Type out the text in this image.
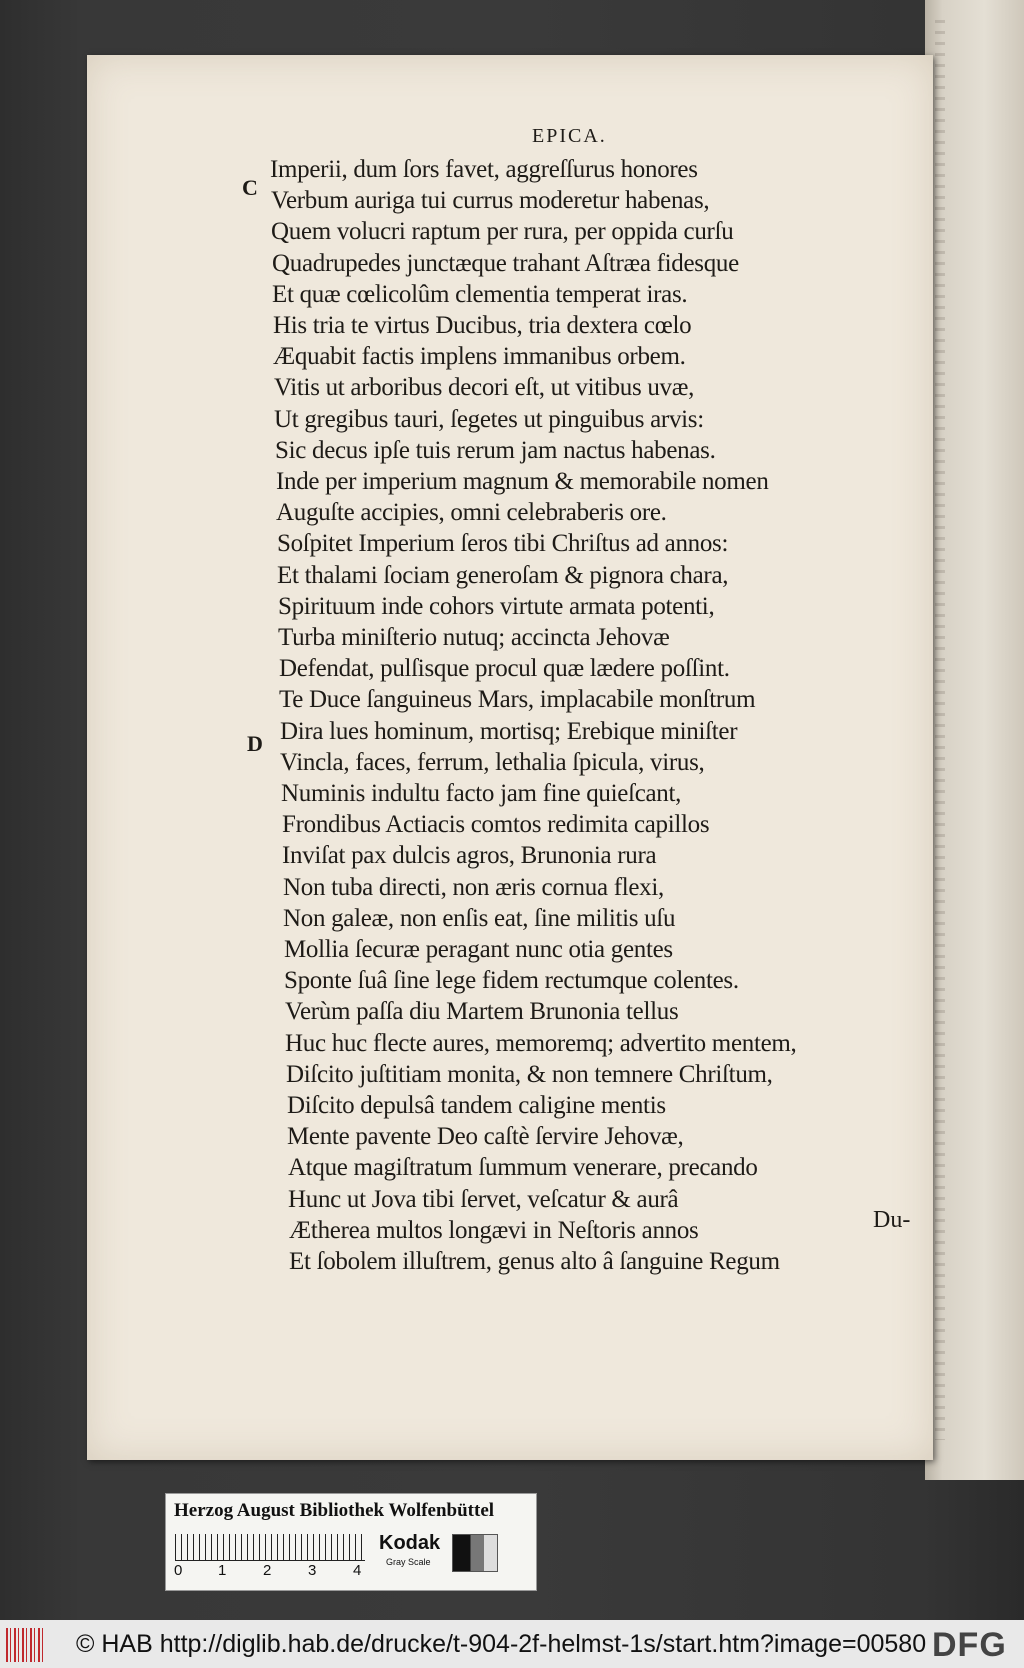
EPICA.
C
D
Imperii, dum ſors favet, aggreſſurus honores
Verbum auriga tui currus moderetur habenas,
Quem volucri raptum per rura, per oppida curſu
Quadrupedes junctæque trahant Aſtræa fidesque
Et quæ cœlicolûm clementia temperat iras.
His tria te virtus Ducibus, tria dextera cœlo
Æquabit factis implens immanibus orbem.
Vitis ut arboribus decori eſt, ut vitibus uvæ,
Ut gregibus tauri, ſegetes ut pinguibus arvis:
Sic decus ipſe tuis rerum jam nactus habenas.
Inde per imperium magnum & memorabile nomen
Auguſte accipies, omni celebraberis ore.
Soſpitet Imperium ſeros tibi Chriſtus ad annos:
Et thalami ſociam generoſam & pignora chara,
Spirituum inde cohors virtute armata potenti,
Turba miniſterio nutuq; accincta Jehovæ
Defendat, pulſisque procul quæ lædere poſſint.
Te Duce ſanguineus Mars, implacabile monſtrum
Dira lues hominum, mortisq; Erebique miniſter
Vincla, faces, ferrum, lethalia ſpicula, virus,
Numinis indultu facto jam fine quieſcant,
Frondibus Actiacis comtos redimita capillos
Inviſat pax dulcis agros, Brunonia rura
Non tuba directi, non æris cornua flexi,
Non galeæ, non enſis eat, ſine militis uſu
Mollia ſecuræ peragant nunc otia gentes
Sponte ſuâ ſine lege fidem rectumque colentes.
Verùm paſſa diu Martem Brunonia tellus
Huc huc flecte aures, memoremq; advertito mentem,
Diſcito juſtitiam monita, & non temnere Chriſtum,
Diſcito depulsâ tandem caligine mentis
Mente pavente Deo caſtè ſervire Jehovæ,
Atque magiſtratum ſummum venerare, precando
Hunc ut Jova tibi ſervet, veſcatur & aurâ
Ætherea multos longævi in Neſtoris annos
Et ſobolem illuſtrem, genus alto â ſanguine Regum
Du-
Herzog August Bibliothek Wolfenbüttel
0 1 2 3 4
Kodak
Gray Scale
© HAB http://diglib.hab.de/drucke/t-904-2f-helmst-1s/start.htm?image=00580 DFG
